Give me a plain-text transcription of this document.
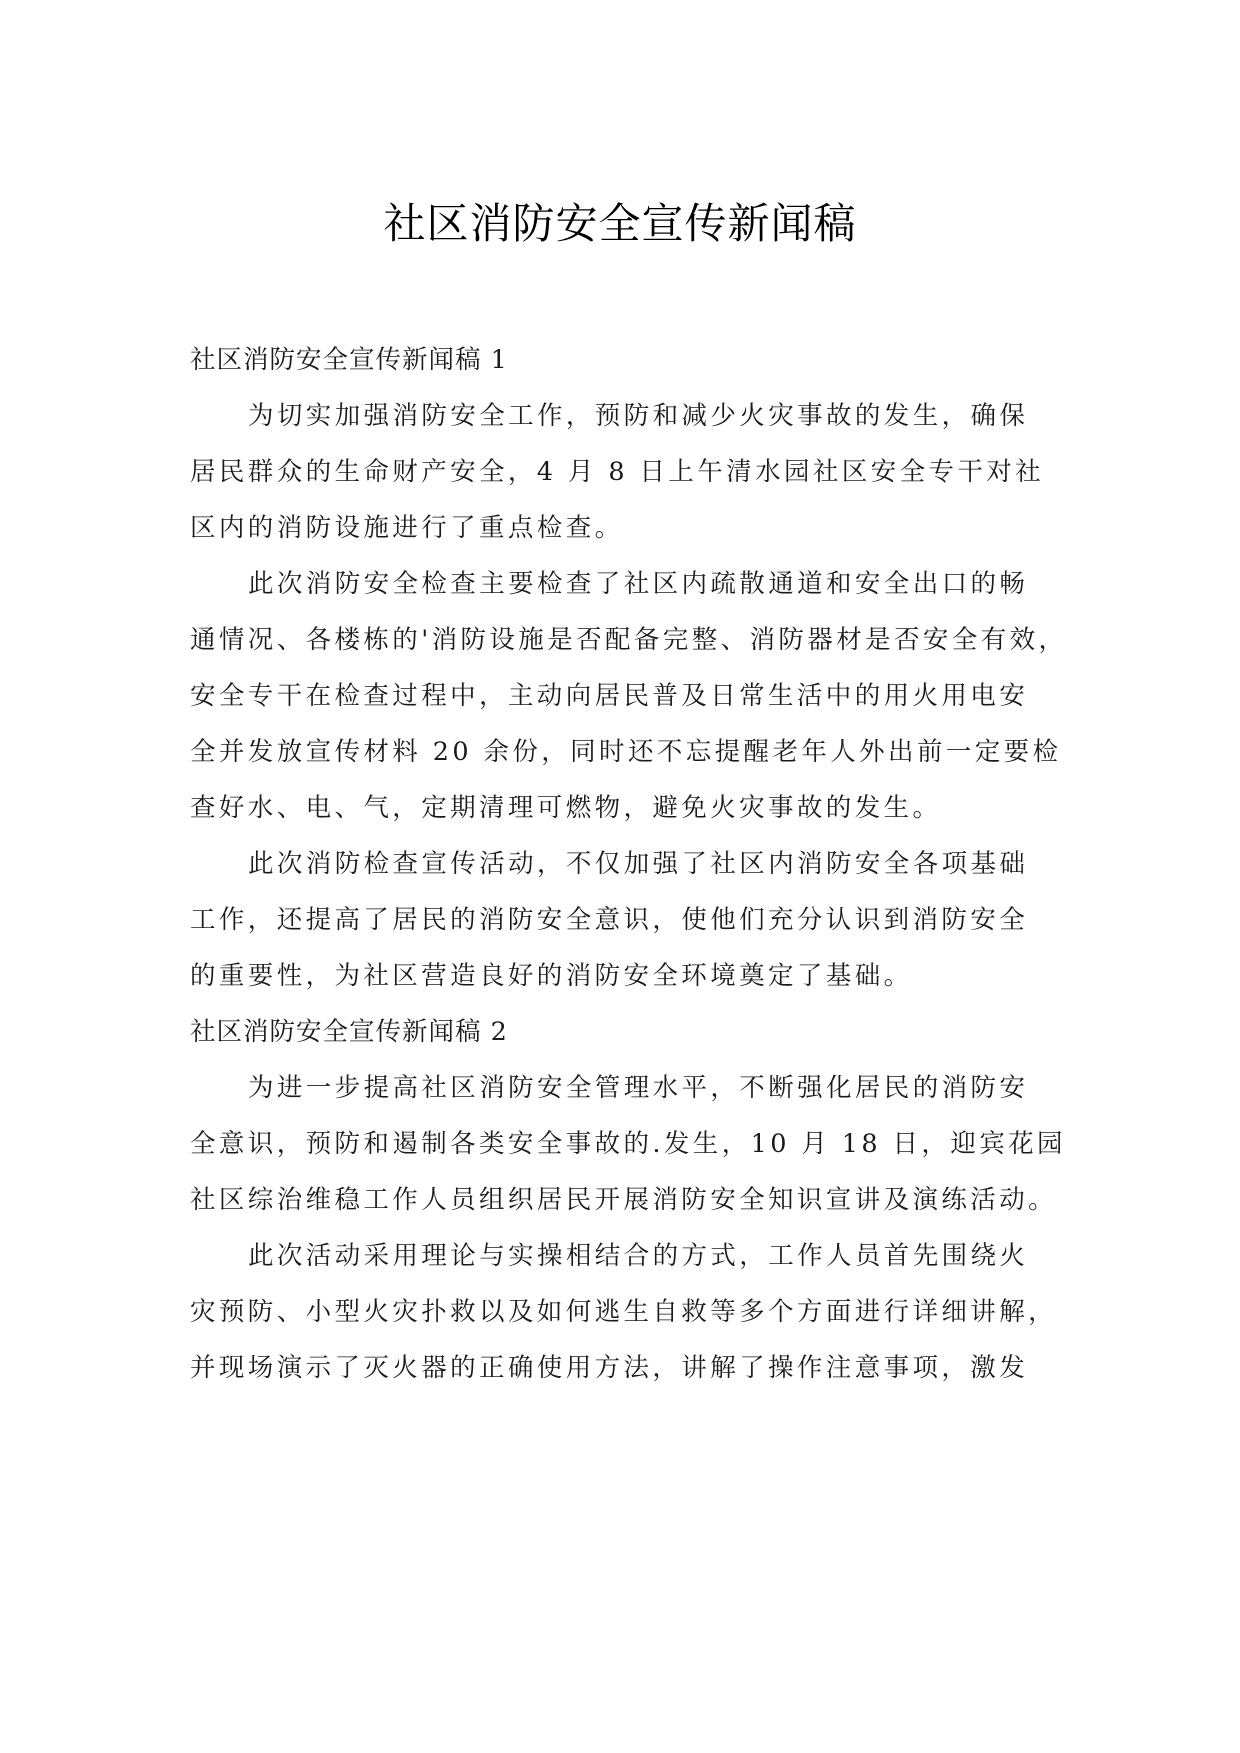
社区消防安全宣传新闻稿
社区消防安全宣传新闻稿 1
为切实加强消防安全工作，预防和减少火灾事故的发生，确保
居民群众的生命财产安全，4 月 8 日上午清水园社区安全专干对社
区内的消防设施进行了重点检查。
此次消防安全检查主要检查了社区内疏散通道和安全出口的畅
通情况、各楼栋的'消防设施是否配备完整、消防器材是否安全有效，
安全专干在检查过程中，主动向居民普及日常生活中的用火用电安
全并发放宣传材料 20 余份，同时还不忘提醒老年人外出前一定要检
查好水、电、气，定期清理可燃物，避免火灾事故的发生。
此次消防检查宣传活动，不仅加强了社区内消防安全各项基础
工作，还提高了居民的消防安全意识，使他们充分认识到消防安全
的重要性，为社区营造良好的消防安全环境奠定了基础。
社区消防安全宣传新闻稿 2
为进一步提高社区消防安全管理水平，不断强化居民的消防安
全意识，预防和遏制各类安全事故的.发生，10 月 18 日，迎宾花园
社区综治维稳工作人员组织居民开展消防安全知识宣讲及演练活动。
此次活动采用理论与实操相结合的方式，工作人员首先围绕火
灾预防、小型火灾扑救以及如何逃生自救等多个方面进行详细讲解，
并现场演示了灭火器的正确使用方法，讲解了操作注意事项，激发
